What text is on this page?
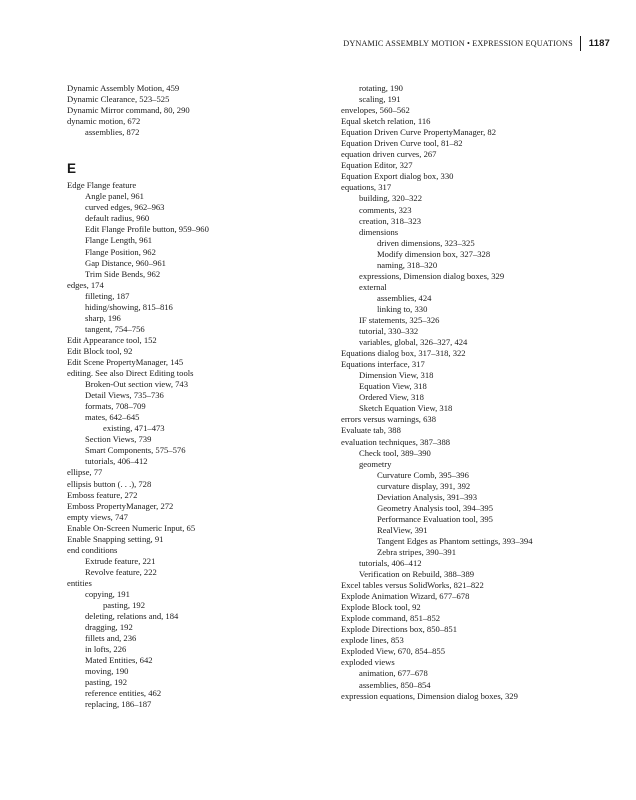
DYNAMIC ASSEMBLY MOTION • EXPRESSION EQUATIONS 1187
Dynamic Assembly Motion, 459
Dynamic Clearance, 523–525
Dynamic Mirror command, 80, 290
dynamic motion, 672
assemblies, 872
E
Edge Flange feature
Angle panel, 961
curved edges, 962–963
default radius, 960
Edit Flange Profile button, 959–960
Flange Length, 961
Flange Position, 962
Gap Distance, 960–961
Trim Side Bends, 962
edges, 174
filleting, 187
hiding/showing, 815–816
sharp, 196
tangent, 754–756
Edit Appearance tool, 152
Edit Block tool, 92
Edit Scene PropertyManager, 145
editing. See also Direct Editing tools
Broken-Out section view, 743
Detail Views, 735–736
formats, 708–709
mates, 642–645
existing, 471–473
Section Views, 739
Smart Components, 575–576
tutorials, 406–412
ellipse, 77
ellipsis button (. . .), 728
Emboss feature, 272
Emboss PropertyManager, 272
empty views, 747
Enable On-Screen Numeric Input, 65
Enable Snapping setting, 91
end conditions
Extrude feature, 221
Revolve feature, 222
entities
copying, 191
pasting, 192
deleting, relations and, 184
dragging, 192
fillets and, 236
in lofts, 226
Mated Entities, 642
moving, 190
pasting, 192
reference entities, 462
replacing, 186–187
rotating, 190
scaling, 191
envelopes, 560–562
Equal sketch relation, 116
Equation Driven Curve PropertyManager, 82
Equation Driven Curve tool, 81–82
equation driven curves, 267
Equation Editor, 327
Equation Export dialog box, 330
equations, 317
building, 320–322
comments, 323
creation, 318–323
dimensions
driven dimensions, 323–325
Modify dimension box, 327–328
naming, 318–320
expressions, Dimension dialog boxes, 329
external
assemblies, 424
linking to, 330
IF statements, 325–326
tutorial, 330–332
variables, global, 326–327, 424
Equations dialog box, 317–318, 322
Equations interface, 317
Dimension View, 318
Equation View, 318
Ordered View, 318
Sketch Equation View, 318
errors versus warnings, 638
Evaluate tab, 388
evaluation techniques, 387–388
Check tool, 389–390
geometry
Curvature Comb, 395–396
curvature display, 391, 392
Deviation Analysis, 391–393
Geometry Analysis tool, 394–395
Performance Evaluation tool, 395
RealView, 391
Tangent Edges as Phantom settings, 393–394
Zebra stripes, 390–391
tutorials, 406–412
Verification on Rebuild, 388–389
Excel tables versus SolidWorks, 821–822
Explode Animation Wizard, 677–678
Explode Block tool, 92
Explode command, 851–852
Explode Directions box, 850–851
explode lines, 853
Exploded View, 670, 854–855
exploded views
animation, 677–678
assemblies, 850–854
expression equations, Dimension dialog boxes, 329
